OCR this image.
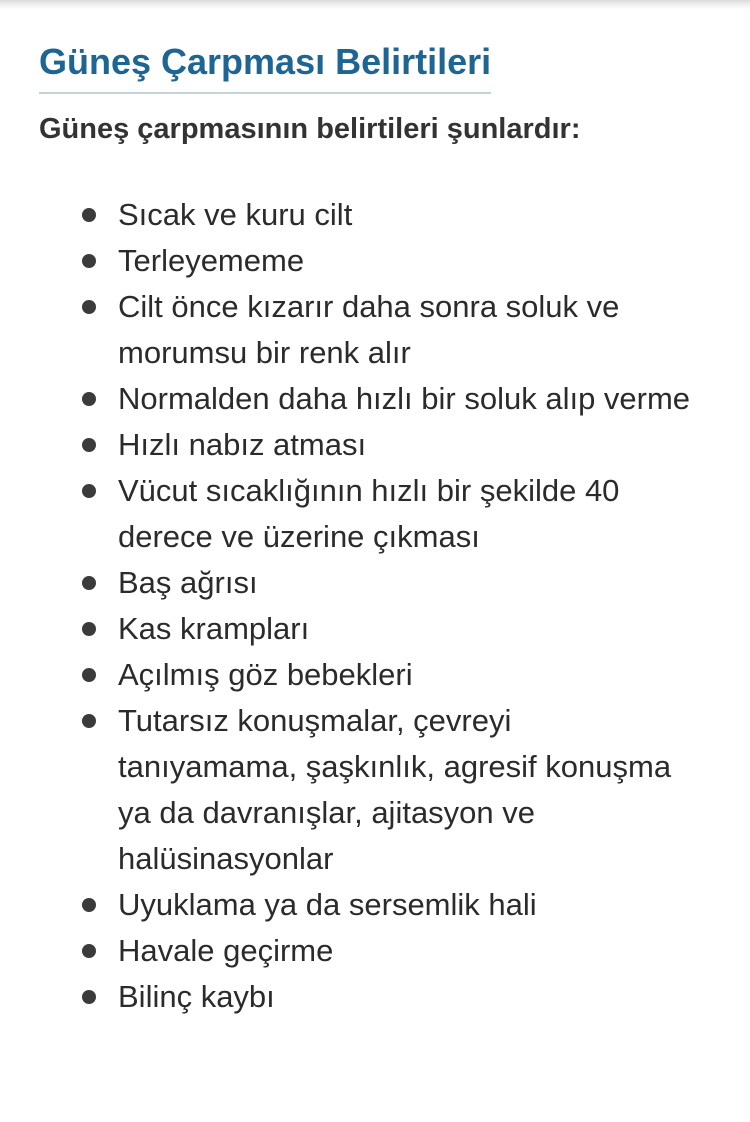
Güneş Çarpması Belirtileri

Güneş çarpmasının belirtileri şunlardır:

Sıcak ve kuru cilt
Terleyememe
Cilt önce kızarır daha sonra soluk ve morumsu bir renk alır
Normalden daha hızlı bir soluk alıp verme
Hızlı nabız atması
Vücut sıcaklığının hızlı bir şekilde 40 derece ve üzerine çıkması
Baş ağrısı
Kas krampları
Açılmış göz bebekleri
Tutarsız konuşmalar, çevreyi tanıyamama, şaşkınlık, agresif konuşma ya da davranışlar, ajitasyon ve halüsinasyonlar
Uyuklama ya da sersemlik hali
Havale geçirme
Bilinç kaybı
